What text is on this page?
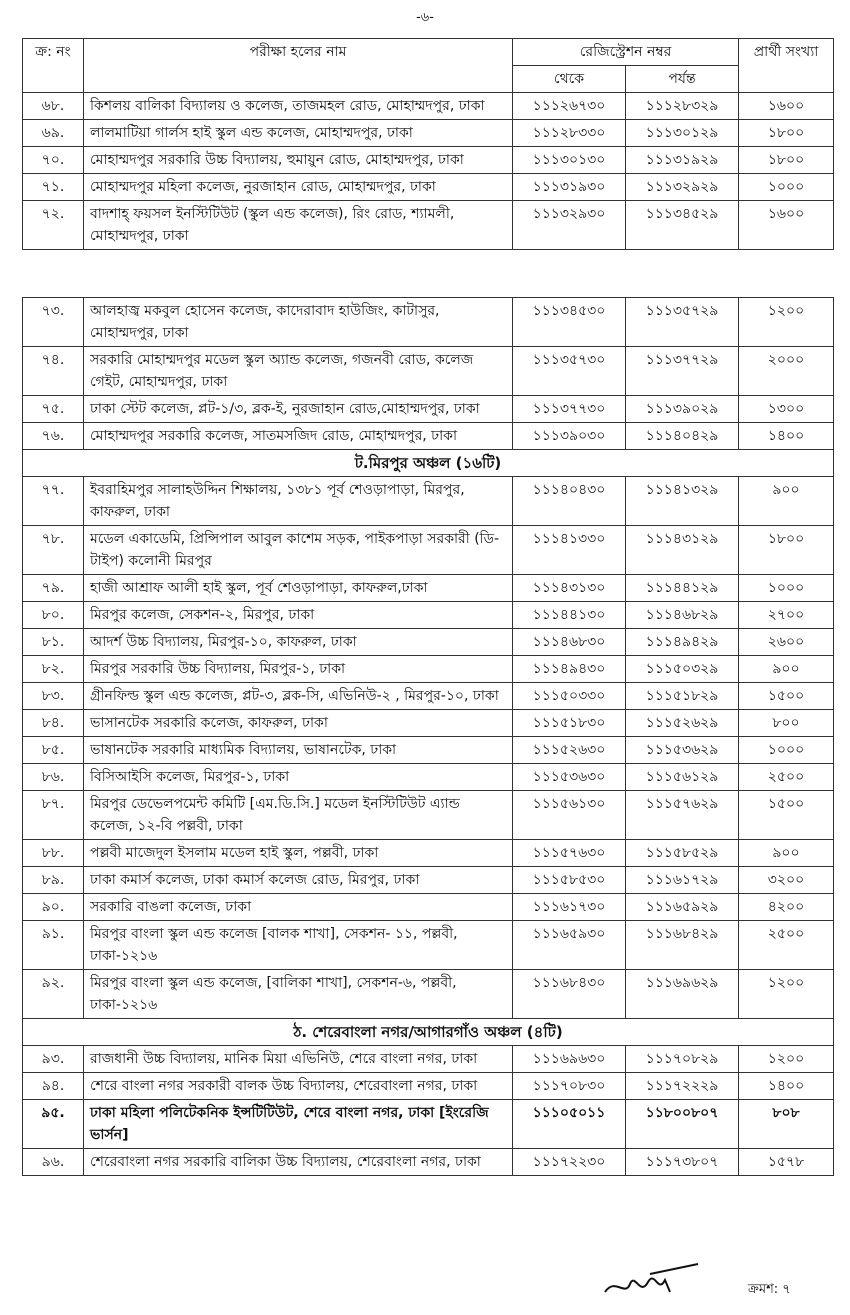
-৬-
ক্র: নং	পরীক্ষা হলের নাম	রেজিস্ট্রেশন নম্বর		প্রার্থী সংখ্যা
		থেকে	পর্যন্ত	
৬৮.	কিশলয় বালিকা বিদ্যালয় ও কলেজ, তাজমহল রোড, মোহাম্মদপুর, ঢাকা	১১১২৬৭৩০	১১১২৮৩২৯	১৬০০
৬৯.	লালমাটিয়া গার্লস হাই স্কুল এন্ড কলেজ, মোহাম্মদপুর, ঢাকা	১১১২৮৩৩০	১১১৩০১২৯	১৮০০
৭০.	মোহাম্মদপুর সরকারি উচ্চ বিদ্যালয়, হুমায়ুন রোড, মোহাম্মদপুর, ঢাকা	১১১৩০১৩০	১১১৩১৯২৯	১৮০০
৭১.	মোহাম্মদপুর মহিলা কলেজ, নুরজাহান রোড, মোহাম্মদপুর, ঢাকা	১১১৩১৯৩০	১১১৩২৯২৯	১০০০
৭২.	বাদশাহ্ ফয়সল ইনস্টিটিউট (স্কুল এন্ড কলেজ), রিং রোড, শ্যামলী, মোহাম্মদপুর, ঢাকা	১১১৩২৯৩০	১১১৩৪৫২৯	১৬০০
৭৩.	আলহাজ্ব মকবুল হোসেন কলেজ, কাদেরাবাদ হাউজিং, কাটাসুর, মোহাম্মদপুর, ঢাকা	১১১৩৪৫৩০	১১১৩৫৭২৯	১২০০
৭৪.	সরকারি মোহাম্মদপুর মডেল স্কুল অ্যান্ড কলেজ, গজনবী রোড, কলেজ গেইট, মোহাম্মদপুর, ঢাকা	১১১৩৫৭৩০	১১১৩৭৭২৯	২০০০
৭৫.	ঢাকা স্টেট কলেজ, প্লট-১/৩, ব্লক-ই, নুরজাহান রোড,মোহাম্মদপুর, ঢাকা	১১১৩৭৭৩০	১১১৩৯০২৯	১৩০০
৭৬.	মোহাম্মদপুর সরকারি কলেজ, সাতমসজিদ রোড, মোহাম্মদপুর, ঢাকা	১১১৩৯০৩০	১১১৪০৪২৯	১৪০০
ট.মিরপুর অঞ্চল (১৬টি)				
৭৭.	ইবরাহিমপুর সালাহউদ্দিন শিক্ষালয়, ১৩৮১ পূর্ব শেওড়াপাড়া, মিরপুর, কাফরুল, ঢাকা	১১১৪০৪৩০	১১১৪১৩২৯	৯০০
৭৮.	মডেল একাডেমি, প্রিন্সিপাল আবুল কাশেম সড়ক, পাইকপাড়া সরকারী (ডি-টাইপ) কলোনী মিরপুর	১১১৪১৩৩০	১১১৪৩১২৯	১৮০০
৭৯.	হাজী আশ্রাফ আলী হাই স্কুল, পূর্ব শেওড়াপাড়া, কাফরুল,ঢাকা	১১১৪৩১৩০	১১১৪৪১২৯	১০০০
৮০.	মিরপুর কলেজ, সেকশন-২, মিরপুর, ঢাকা	১১১৪৪১৩০	১১১৪৬৮২৯	২৭০০
৮১.	আদর্শ উচ্চ বিদ্যালয়, মিরপুর-১০, কাফরুল, ঢাকা	১১১৪৬৮৩০	১১১৪৯৪২৯	২৬০০
৮২.	মিরপুর সরকারি উচ্চ বিদ্যালয়, মিরপুর-১, ঢাকা	১১১৪৯৪৩০	১১১৫০৩২৯	৯০০
৮৩.	গ্রীনফিল্ড স্কুল এন্ড কলেজ, প্লট-৩, ব্লক-সি, এভিনিউ-২ , মিরপুর-১০, ঢাকা	১১১৫০৩৩০	১১১৫১৮২৯	১৫০০
৮৪.	ভাসানটেক সরকারি কলেজ, কাফরুল, ঢাকা	১১১৫১৮৩০	১১১৫২৬২৯	৮০০
৮৫.	ভাষানটেক সরকারি মাধ্যমিক বিদ্যালয়, ভাষানটেক, ঢাকা	১১১৫২৬৩০	১১১৫৩৬২৯	১০০০
৮৬.	বিসিআইসি কলেজ, মিরপুর-১, ঢাকা	১১১৫৩৬৩০	১১১৫৬১২৯	২৫০০
৮৭.	মিরপুর ডেভেলপমেন্ট কমিটি [এম.ডি.সি.] মডেল ইনস্টিটিউট এ্যান্ড কলেজ, ১২-বি পল্লবী, ঢাকা	১১১৫৬১৩০	১১১৫৭৬২৯	১৫০০
৮৮.	পল্লবী মাজেদুল ইসলাম মডেল হাই স্কুল, পল্লবী, ঢাকা	১১১৫৭৬৩০	১১১৫৮৫২৯	৯০০
৮৯.	ঢাকা কমার্স কলেজ, ঢাকা কমার্স কলেজ রোড, মিরপুর, ঢাকা	১১১৫৮৫৩০	১১১৬১৭২৯	৩২০০
৯০.	সরকারি বাঙলা কলেজ, ঢাকা	১১১৬১৭৩০	১১১৬৫৯২৯	৪২০০
৯১.	মিরপুর বাংলা স্কুল এন্ড কলেজ [বালক শাখা], সেকশন- ১১, পল্লবী, ঢাকা-১২১৬	১১১৬৫৯৩০	১১১৬৮৪২৯	২৫০০
৯২.	মিরপুর বাংলা স্কুল এন্ড কলেজ, [বালিকা শাখা], সেকশন-৬, পল্লবী, ঢাকা-১২১৬	১১১৬৮৪৩০	১১১৬৯৬২৯	১২০০
ঠ. শেরেবাংলা নগর/আগারগাঁও অঞ্চল (৪টি)				
৯৩.	রাজধানী উচ্চ বিদ্যালয়, মানিক মিয়া এভিনিউ, শেরে বাংলা নগর, ঢাকা	১১১৬৯৬৩০	১১১৭০৮২৯	১২০০
৯৪.	শেরে বাংলা নগর সরকারী বালক উচ্চ বিদ্যালয়, শেরেবাংলা নগর, ঢাকা	১১১৭০৮৩০	১১১৭২২২৯	১৪০০
৯৫.	ঢাকা মহিলা পলিটেকনিক ইন্সটিটিউট, শেরে বাংলা নগর, ঢাকা [ইংরেজি ভার্সন]	১১১০৫০১১	১১৮০০৮০৭	৮০৮
৯৬.	শেরেবাংলা নগর সরকারি বালিকা উচ্চ বিদ্যালয়, শেরেবাংলা নগর, ঢাকা	১১১৭২২৩০	১১১৭৩৮০৭	১৫৭৮
ক্রমশ: ৭
